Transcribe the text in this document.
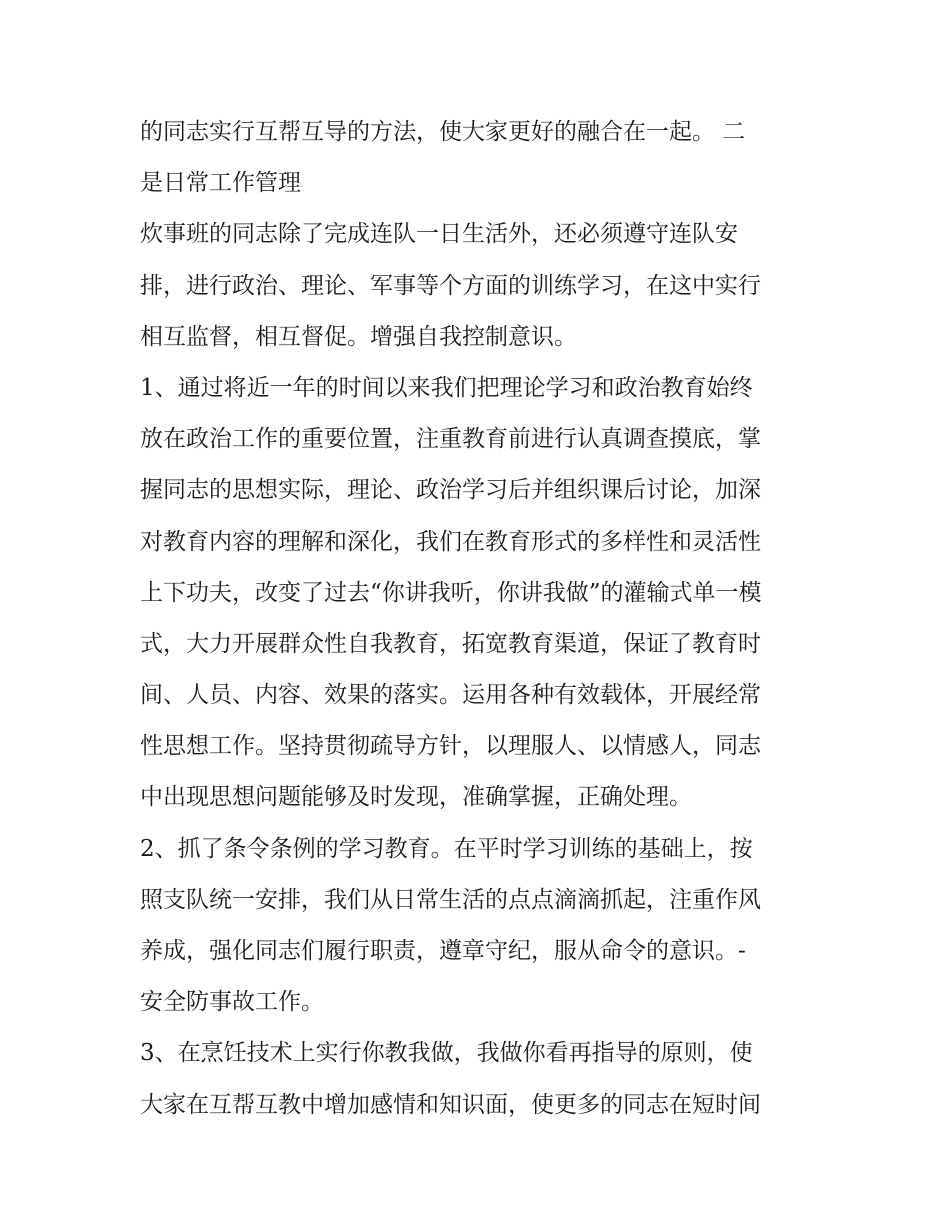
的同志实行互帮互导的方法，使大家更好的融合在一起。 二
是日常工作管理
炊事班的同志除了完成连队一日生活外，还必须遵守连队安
排，进行政治、理论、军事等个方面的训练学习，在这中实行
相互监督，相互督促。增强自我控制意识。
1、通过将近一年的时间以来我们把理论学习和政治教育始终
放在政治工作的重要位置，注重教育前进行认真调查摸底，掌
握同志的思想实际，理论、政治学习后并组织课后讨论，加深
对教育内容的理解和深化，我们在教育形式的多样性和灵活性
上下功夫，改变了过去“你讲我听，你讲我做”的灌输式单一模
式，大力开展群众性自我教育，拓宽教育渠道，保证了教育时
间、人员、内容、效果的落实。运用各种有效载体，开展经常
性思想工作。坚持贯彻疏导方针，以理服人、以情感人，同志
中出现思想问题能够及时发现，准确掌握，正确处理。
2、抓了条令条例的学习教育。在平时学习训练的基础上，按
照支队统一安排，我们从日常生活的点点滴滴抓起，注重作风
养成，强化同志们履行职责，遵章守纪，服从命令的意识。-
安全防事故工作。
3、在烹饪技术上实行你教我做，我做你看再指导的原则，使
大家在互帮互教中增加感情和知识面，使更多的同志在短时间
